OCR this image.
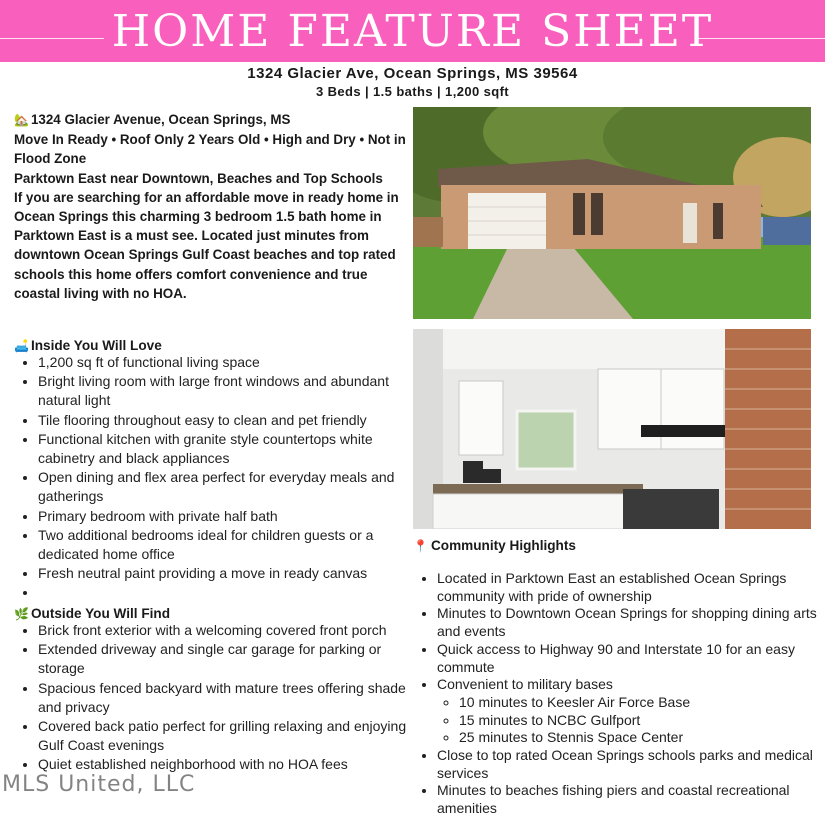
HOME FEATURE SHEET
1324 Glacier Ave, Ocean Springs, MS 39564
3 Beds | 1.5 baths | 1,200 sqft

🏡 1324 Glacier Avenue, Ocean Springs, MS

Move In Ready • Roof Only 2 Years Old • High and Dry • Not in Flood Zone

Parktown East near Downtown, Beaches and Top Schools

If you are searching for an affordable move in ready home in Ocean Springs this charming 3 bedroom 1.5 bath home in Parktown East is a must see. Located just minutes from downtown Ocean Springs Gulf Coast beaches and top rated schools this home offers comfort convenience and true coastal living with no HOA.

🛋️ Inside You Will Love
• 1,200 sq ft of functional living space
• Bright living room with large front windows and abundant natural light
• Tile flooring throughout easy to clean and pet friendly
• Functional kitchen with granite style countertops white cabinetry and black appliances
• Open dining and flex area perfect for everyday meals and gatherings
• Primary bedroom with private half bath
• Two additional bedrooms ideal for children guests or a dedicated home office
• Fresh neutral paint providing a move in ready canvas
•
🌿 Outside You Will Find
• Brick front exterior with a welcoming covered front porch
• Extended driveway and single car garage for parking or storage
• Spacious fenced backyard with mature trees offering shade and privacy
• Covered back patio perfect for grilling relaxing and enjoying Gulf Coast evenings
• Quiet established neighborhood with no HOA fees
📍 Community Highlights
• Located in Parktown East an established Ocean Springs community with pride of ownership
• Minutes to Downtown Ocean Springs for shopping dining arts and events
• Quick access to Highway 90 and Interstate 10 for an easy commute
• Convenient to military bases
◦ 10 minutes to Keesler Air Force Base
◦ 15 minutes to NCBC Gulfport
◦ 25 minutes to Stennis Space Center
• Close to top rated Ocean Springs schools parks and medical services
• Minutes to beaches fishing piers and coastal recreational amenities
MLS United, LLC
